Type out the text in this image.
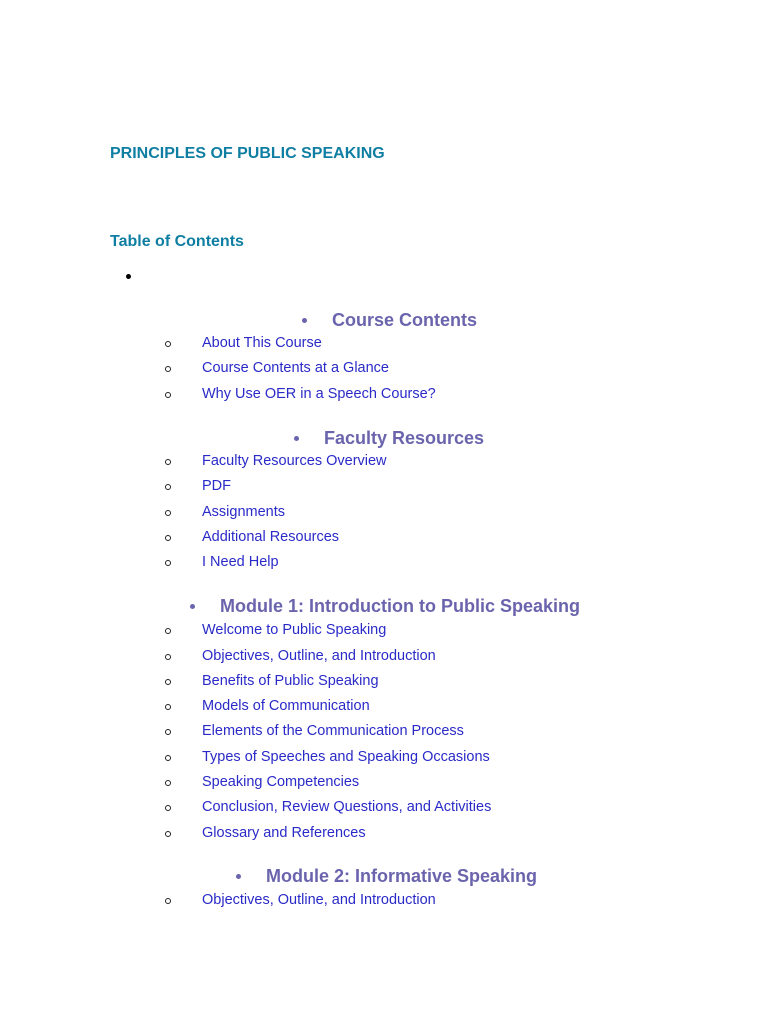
PRINCIPLES OF PUBLIC SPEAKING
Table of Contents
Course Contents
About This Course
Course Contents at a Glance
Why Use OER in a Speech Course?
Faculty Resources
Faculty Resources Overview
PDF
Assignments
Additional Resources
I Need Help
Module 1: Introduction to Public Speaking
Welcome to Public Speaking
Objectives, Outline, and Introduction
Benefits of Public Speaking
Models of Communication
Elements of the Communication Process
Types of Speeches and Speaking Occasions
Speaking Competencies
Conclusion, Review Questions, and Activities
Glossary and References
Module 2: Informative Speaking
Objectives, Outline, and Introduction
